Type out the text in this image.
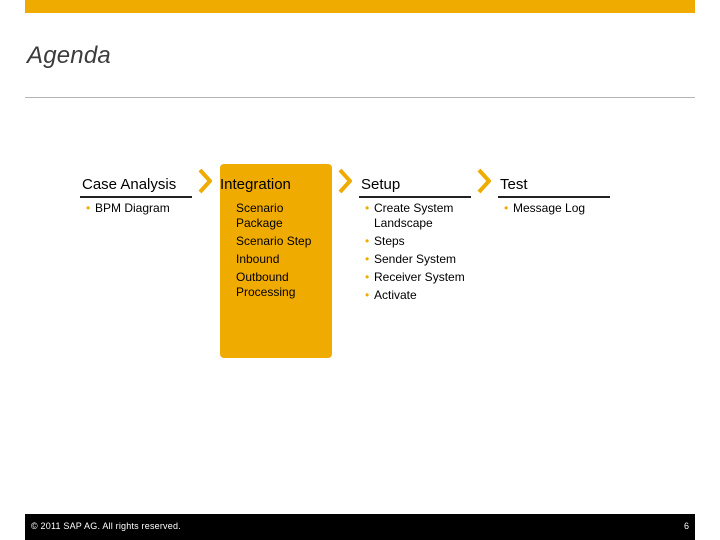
Agenda
Case Analysis
• BPM Diagram
Integration
Scenario Package
Scenario Step
Inbound
Outbound Processing
Setup
• Create System Landscape
• Steps
• Sender System
• Receiver System
• Activate
Test
• Message Log
© 2011 SAP AG. All rights reserved.	6
